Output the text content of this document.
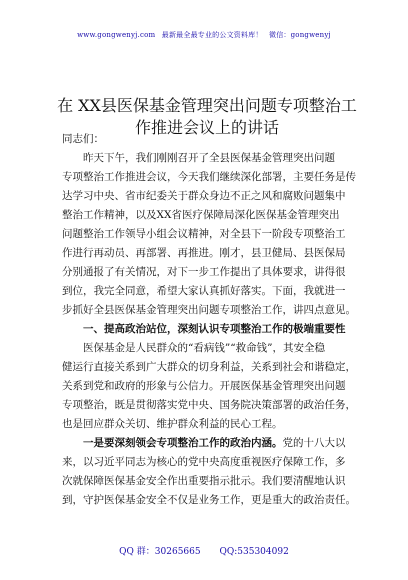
www.gongwenyj.com 最新最全最专业的公文资料库！ 微信：gongwenyj
在 XX县医保基金管理突出问题专项整治工
作推进会议上的讲话
同志们：
昨天下午，我们刚刚召开了全县医保基金管理突出问题
专项整治工作推进会议，今天我们继续深化部署，主要任务是传
达学习中央、省市纪委关于群众身边不正之风和腐败问题集中
整治工作精神，以及XX省医疗保障局深化医保基金管理突出
问题整治工作领导小组会议精神，对全县下一阶段专项整治工
作进行再动员、再部署、再推进。刚才，县卫健局、县医保局
分别通报了有关情况，对下一步工作提出了具体要求，讲得很
到位，我完全同意，希望大家认真抓好落实。下面，我就进一
步抓好全县医保基金管理突出问题专项整治工作，讲四点意见。
一、提高政治站位，深刻认识专项整治工作的极端重要性
医保基金是人民群众的“看病钱”“救命钱”，其安全稳
健运行直接关系到广大群众的切身利益，关系到社会和谐稳定，
关系到党和政府的形象与公信力。开展医保基金管理突出问题
专项整治，既是贯彻落实党中央、国务院决策部署的政治任务，
也是回应群众关切、维护群众利益的民心工程。
一是要深刻领会专项整治工作的政治内涵。党的十八大以
来，以习近平同志为核心的党中央高度重视医疗保障工作，多
次就保障医保基金安全作出重要指示批示。我们要清醒地认识
到，守护医保基金安全不仅是业务工作，更是重大的政治责任。
QQ 群：30265665 QQ:535304092
